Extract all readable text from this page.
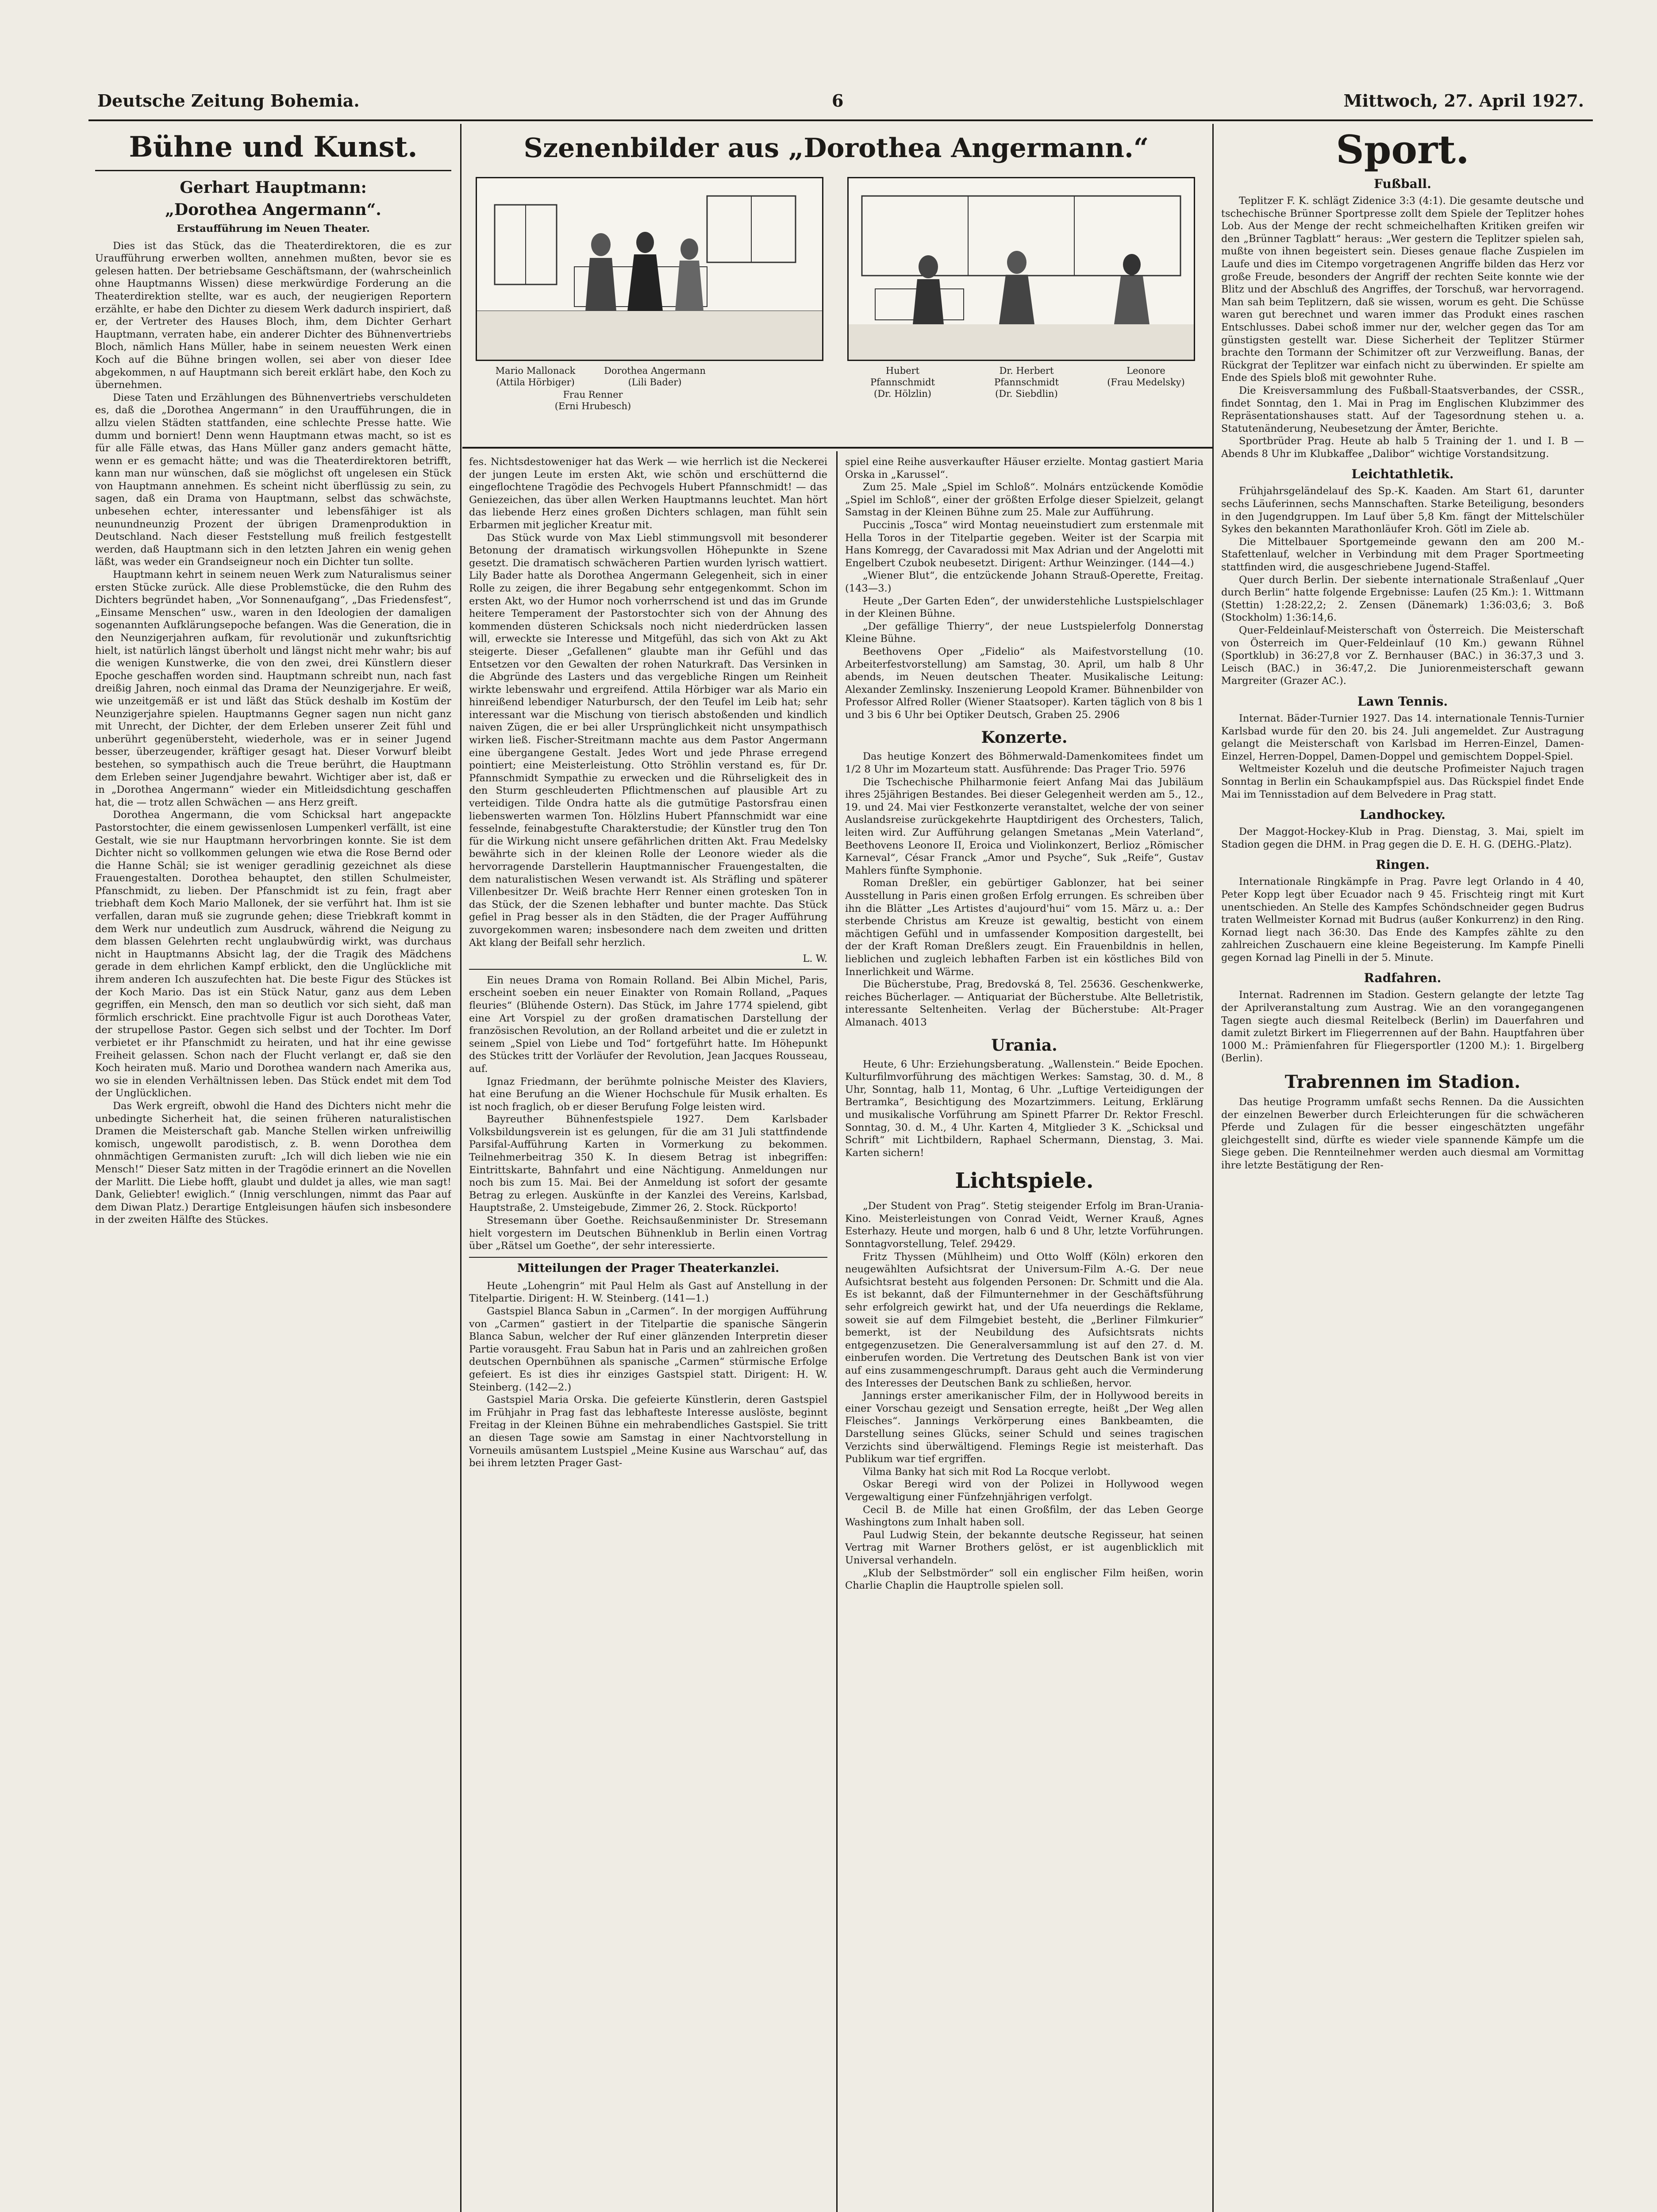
Deutsche Zeitung Bohemia.	6	Mittwoch, 27. April 1927.
Bühne und Kunst.
Gerhart Hauptmann:
„Dorothea Angermann“.
Erstaufführung im Neuen Theater.

Dies ist das Stück, das die Theaterdirektoren, die es zur Uraufführung erwerben wollten, annehmen mußten, bevor sie es gelesen hatten. Der betriebsame Geschäftsmann, der (wahrscheinlich ohne Hauptmanns Wissen) diese merkwürdige Forderung an die Theaterdirektion stellte, war es auch, der neugierigen Reportern erzählte, er habe den Dichter zu diesem Werk dadurch inspiriert, daß er, der Vertreter des Hauses Bloch, ihm, dem Dichter Gerhart Hauptmann, verraten habe, ein anderer Dichter des Bühnenvertriebs Bloch, nämlich Hans Müller, habe in seinem neuesten Werk einen Koch auf die Bühne bringen wollen, sei aber von dieser Idee abgekommen, n auf Hauptmann sich bereit erklärt habe, den Koch zu übernehmen.

Diese Taten und Erzählungen des Bühnenvertriebs verschuldeten es, daß die „Dorothea Angermann“ in den Uraufführungen, die in allzu vielen Städten stattfanden, eine schlechte Presse hatte. Wie dumm und borniert! Denn wenn Hauptmann etwas macht, so ist es für alle Fälle etwas, das Hans Müller ganz anders gemacht hätte, wenn er es gemacht hätte; und was die Theaterdirektoren betrifft, kann man nur wünschen, daß sie möglichst oft ungelesen ein Stück von Hauptmann annehmen. Es scheint nicht überflüssig zu sein, zu sagen, daß ein Drama von Hauptmann, selbst das schwächste, unbesehen echter, interessanter und lebensfähiger ist als neunundneunzig Prozent der übrigen Dramenproduktion in Deutschland. Nach dieser Feststellung muß freilich festgestellt werden, daß Hauptmann sich in den letzten Jahren ein wenig gehen läßt, was weder ein Grandseigneur noch ein Dichter tun sollte.

Hauptmann kehrt in seinem neuen Werk zum Naturalismus seiner ersten Stücke zurück. Alle diese Problemstücke, die den Ruhm des Dichters begründet haben, „Vor Sonnenaufgang“, „Das Friedensfest“, „Einsame Menschen“ usw., waren in den Ideologien der damaligen sogenannten Aufklärungsepoche befangen. Was die Generation, die in den Neunzigerjahren aufkam, für revolutionär und zukunftsrichtig hielt, ist natürlich längst überholt und längst nicht mehr wahr; bis auf die wenigen Kunstwerke, die von den zwei, drei Künstlern dieser Epoche geschaffen worden sind. Hauptmann schreibt nun, nach fast dreißig Jahren, noch einmal das Drama der Neunzigerjahre. Er weiß, wie unzeitgemäß er ist und läßt das Stück deshalb im Kostüm der Neunzigerjahre spielen. Hauptmanns Gegner sagen nun nicht ganz mit Unrecht, der Dichter, der dem Erleben unserer Zeit fühl und unberührt gegenübersteht, wiederhole, was er in seiner Jugend besser, überzeugender, kräftiger gesagt hat. Dieser Vorwurf bleibt bestehen, so sympathisch auch die Treue berührt, die Hauptmann dem Erleben seiner Jugendjahre bewahrt. Wichtiger aber ist, daß er in „Dorothea Angermann“ wieder ein Mitleidsdichtung geschaffen hat, die — trotz allen Schwächen — ans Herz greift.

Dorothea Angermann, die vom Schicksal hart angepackte Pastorstochter, die einem gewissenlosen Lumpenkerl verfällt, ist eine Gestalt, wie sie nur Hauptmann hervorbringen konnte. Sie ist dem Dichter nicht so vollkommen gelungen wie etwa die Rose Bernd oder die Hanne Schäl; sie ist weniger geradlinig gezeichnet als diese Frauengestalten. Dorothea behauptet, den stillen Schulmeister, Pfanschmidt, zu lieben. Der Pfanschmidt ist zu fein, fragt aber triebhaft dem Koch Mario Mallonek, der sie verführt hat. Ihm ist sie verfallen, daran muß sie zugrunde gehen; diese Triebkraft kommt in dem Werk nur undeutlich zum Ausdruck, während die Neigung zu dem blassen Gelehrten recht unglaubwürdig wirkt, was durchaus nicht in Hauptmanns Absicht lag, der die Tragik des Mädchens gerade in dem ehrlichen Kampf erblickt, den die Unglückliche mit ihrem anderen Ich auszufechten hat. Die beste Figur des Stückes ist der Koch Mario. Das ist ein Stück Natur, ganz aus dem Leben gegriffen, ein Mensch, den man so deutlich vor sich sieht, daß man förmlich erschrickt. Eine prachtvolle Figur ist auch Dorotheas Vater, der strupellose Pastor. Gegen sich selbst und der Tochter. Im Dorf verbietet er ihr Pfanschmidt zu heiraten, und hat ihr eine gewisse Freiheit gelassen. Schon nach der Flucht verlangt er, daß sie den Koch heiraten muß. Mario und Dorothea wandern nach Amerika aus, wo sie in elenden Verhältnissen leben. Das Stück endet mit dem Tod der Unglücklichen.

Das Werk ergreift, obwohl die Hand des Dichters nicht mehr die unbedingte Sicherheit hat, die seinen früheren naturalistischen Dramen die Meisterschaft gab. Manche Stellen wirken unfreiwillig komisch, ungewollt parodistisch, z. B. wenn Dorothea dem ohnmächtigen Germanisten zuruft: „Ich will dich lieben wie nie ein Mensch!“ Dieser Satz mitten in der Tragödie erinnert an die Novellen der Marlitt. Die Liebe hofft, glaubt und duldet ja alles, wie man sagt! Dank, Geliebter! ewiglich.“ (Innig verschlungen, nimmt das Paar auf dem Diwan Platz.) Derartige Entgleisungen häufen sich insbesondere in der zweiten Hälfte des Stückes.

Szenenbilder aus „Dorothea Angermann.“
Mario Mallonack
(Attila Hörbiger)
Dorothea Angermann
(Lili Bader)
Frau Renner
(Erni Hrubesch)
Hubert
Pfannschmidt
(Dr. Hölzlin)
Dr. Herbert
Pfannschmidt
(Dr. Siebdlin)
Leonore
(Frau Medelsky)

fes. Nichtsdestoweniger hat das Werk — wie herrlich ist die Neckerei der jungen Leute im ersten Akt, wie schön und erschütternd die eingeflochtene Tragödie des Pechvogels Hubert Pfannschmidt! — das Geniezeichen, das über allen Werken Hauptmanns leuchtet. Man hört das liebende Herz eines großen Dichters schlagen, man fühlt sein Erbarmen mit jeglicher Kreatur mit.

Das Stück wurde von Max Liebl stimmungsvoll mit besonderer Betonung der dramatisch wirkungsvollen Höhepunkte in Szene gesetzt. Die dramatisch schwächeren Partien wurden lyrisch wattiert. Lily Bader hatte als Dorothea Angermann Gelegenheit, sich in einer Rolle zu zeigen, die ihrer Begabung sehr entgegenkommt. Schon im ersten Akt, wo der Humor noch vorherrschend ist und das im Grunde heitere Temperament der Pastorstochter sich von der Ahnung des kommenden düsteren Schicksals noch nicht niederdrücken lassen will, erweckte sie Interesse und Mitgefühl, das sich von Akt zu Akt steigerte. Dieser „Gefallenen“ glaubte man ihr Gefühl und das Entsetzen vor den Gewalten der rohen Naturkraft. Das Versinken in die Abgründe des Lasters und das vergebliche Ringen um Reinheit wirkte lebenswahr und ergreifend. Attila Hörbiger war als Mario ein hinreißend lebendiger Naturbursch, der den Teufel im Leib hat; sehr interessant war die Mischung von tierisch abstoßenden und kindlich naiven Zügen, die er bei aller Ursprünglichkeit nicht unsympathisch wirken ließ. Fischer-Streitmann machte aus dem Pastor Angermann eine übergangene Gestalt. Jedes Wort und jede Phrase erregend pointiert; eine Meisterleistung. Otto Ströhlin verstand es, für Dr. Pfannschmidt Sympathie zu erwecken und die Rührseligkeit des in den Sturm geschleuderten Pflichtmenschen auf plausible Art zu verteidigen. Tilde Ondra hatte als die gutmütige Pastorsfrau einen liebenswerten warmen Ton. Hölzlins Hubert Pfannschmidt war eine fesselnde, feinabgestufte Charakterstudie; der Künstler trug den Ton für die Wirkung nicht unsere gefährlichen dritten Akt. Frau Medelsky bewährte sich in der kleinen Rolle der Leonore wieder als die hervorragende Darstellerin Hauptmannischer Frauengestalten, die dem naturalistischen Wesen verwandt ist. Als Sträfling und späterer Villenbesitzer Dr. Weiß brachte Herr Renner einen grotesken Ton in das Stück, der die Szenen lebhafter und bunter machte. Das Stück gefiel in Prag besser als in den Städten, die der Prager Aufführung zuvorgekommen waren; insbesondere nach dem zweiten und dritten Akt klang der Beifall sehr herzlich.

L. W.

Ein neues Drama von Romain Rolland. Bei Albin Michel, Paris, erscheint soeben ein neuer Einakter von Romain Rolland, „Paques fleuries“ (Blühende Ostern). Das Stück, im Jahre 1774 spielend, gibt eine Art Vorspiel zu der großen dramatischen Darstellung der französischen Revolution, an der Rolland arbeitet und die er zuletzt in seinem „Spiel von Liebe und Tod“ fortgeführt hatte. Im Höhepunkt des Stückes tritt der Vorläufer der Revolution, Jean Jacques Rousseau, auf.

Ignaz Friedmann, der berühmte polnische Meister des Klaviers, hat eine Berufung an die Wiener Hochschule für Musik erhalten. Es ist noch fraglich, ob er dieser Berufung Folge leisten wird.

Bayreuther Bühnenfestspiele 1927. Dem Karlsbader Volksbildungsverein ist es gelungen, für die am 31 Juli stattfindende Parsifal-Aufführung Karten in Vormerkung zu bekommen. Teilnehmerbeitrag 350 K. In diesem Betrag ist inbegriffen: Eintrittskarte, Bahnfahrt und eine Nächtigung. Anmeldungen nur noch bis zum 15. Mai. Bei der Anmeldung ist sofort der gesamte Betrag zu erlegen. Auskünfte in der Kanzlei des Vereins, Karlsbad, Hauptstraße, 2. Umsteigebude, Zimmer 26, 2. Stock. Rückporto!

Stresemann über Goethe. Reichsaußenminister Dr. Stresemann hielt vorgestern im Deutschen Bühnenklub in Berlin einen Vortrag über „Rätsel um Goethe“, der sehr interessierte.

Mitteilungen der Prager Theaterkanzlei.

Heute „Lohengrin“ mit Paul Helm als Gast auf Anstellung in der Titelpartie. Dirigent: H. W. Steinberg. (141—1.)

Gastspiel Blanca Sabun in „Carmen“. In der morgigen Aufführung von „Carmen“ gastiert in der Titelpartie die spanische Sängerin Blanca Sabun, welcher der Ruf einer glänzenden Interpretin dieser Partie vorausgeht. Frau Sabun hat in Paris und an zahlreichen großen deutschen Opernbühnen als spanische „Carmen“ stürmische Erfolge gefeiert. Es ist dies ihr einziges Gastspiel statt. Dirigent: H. W. Steinberg. (142—2.)

Gastspiel Maria Orska. Die gefeierte Künstlerin, deren Gastspiel im Frühjahr in Prag fast das lebhafteste Interesse auslöste, beginnt Freitag in der Kleinen Bühne ein mehrabendliches Gastspiel. Sie tritt an diesen Tage sowie am Samstag in einer Nachtvorstellung in Vorneuils amüsantem Lustspiel „Meine Kusine aus Warschau“ auf, das bei ihrem letzten Prager Gast-

spiel eine Reihe ausverkaufter Häuser erzielte. Montag gastiert Maria Orska in „Karussel“.

Zum 25. Male „Spiel im Schloß“. Molnárs entzückende Komödie „Spiel im Schloß“, einer der größten Erfolge dieser Spielzeit, gelangt Samstag in der Kleinen Bühne zum 25. Male zur Aufführung.

Puccinis „Tosca“ wird Montag neueinstudiert zum erstenmale mit Hella Toros in der Titelpartie gegeben. Weiter ist der Scarpia mit Hans Komregg, der Cavaradossi mit Max Adrian und der Angelotti mit Engelbert Czubok neubesetzt. Dirigent: Arthur Weinzinger. (144—4.)

„Wiener Blut“, die entzückende Johann Strauß-Operette, Freitag. (143—3.)

Heute „Der Garten Eden“, der unwiderstehliche Lustspielschlager in der Kleinen Bühne.

„Der gefällige Thierry“, der neue Lustspielerfolg Donnerstag Kleine Bühne.

Beethovens Oper „Fidelio“ als Maifestvorstellung (10. Arbeiterfestvorstellung) am Samstag, 30. April, um halb 8 Uhr abends, im Neuen deutschen Theater. Musikalische Leitung: Alexander Zemlinsky. Inszenierung Leopold Kramer. Bühnenbilder von Professor Alfred Roller (Wiener Staatsoper). Karten täglich von 8 bis 1 und 3 bis 6 Uhr bei Optiker Deutsch, Graben 25. 2906

Konzerte.

Das heutige Konzert des Böhmerwald-Damenkomitees findet um 1/2 8 Uhr im Mozarteum statt. Ausführende: Das Prager Trio. 5976

Die Tschechische Philharmonie feiert Anfang Mai das Jubiläum ihres 25jährigen Bestandes. Bei dieser Gelegenheit werden am 5., 12., 19. und 24. Mai vier Festkonzerte veranstaltet, welche der von seiner Auslandsreise zurückgekehrte Hauptdirigent des Orchesters, Talich, leiten wird. Zur Aufführung gelangen Smetanas „Mein Vaterland“, Beethovens Leonore II, Eroica und Violinkonzert, Berlioz „Römischer Karneval“, César Franck „Amor und Psyche“, Suk „Reife“, Gustav Mahlers fünfte Symphonie.

Roman Dreßler, ein gebürtiger Gablonzer, hat bei seiner Ausstellung in Paris einen großen Erfolg errungen. Es schreiben über ihn die Blätter „Les Artistes d'aujourd'hui“ vom 15. März u. a.: Der sterbende Christus am Kreuze ist gewaltig, besticht von einem mächtigen Gefühl und in umfassender Komposition dargestellt, bei der der Kraft Roman Dreßlers zeugt. Ein Frauenbildnis in hellen, lieblichen und zugleich lebhaften Farben ist ein köstliches Bild von Innerlichkeit und Wärme.

Die Bücherstube, Prag, Bredovská 8, Tel. 25636. Geschenkwerke, reiches Bücherlager. — Antiquariat der Bücherstube. Alte Belletristik, interessante Seltenheiten. Verlag der Bücherstube: Alt-Prager Almanach. 4013

Urania.

Heute, 6 Uhr: Erziehungsberatung. „Wallenstein.“ Beide Epochen. Kulturfilmvorführung des mächtigen Werkes: Samstag, 30. d. M., 8 Uhr, Sonntag, halb 11, Montag, 6 Uhr. „Luftige Verteidigungen der Bertramka“, Besichtigung des Mozartzimmers. Leitung, Erklärung und musikalische Vorführung am Spinett Pfarrer Dr. Rektor Freschl. Sonntag, 30. d. M., 4 Uhr. Karten 4, Mitglieder 3 K. „Schicksal und Schrift“ mit Lichtbildern, Raphael Schermann, Dienstag, 3. Mai. Karten sichern!

Lichtspiele.

„Der Student von Prag“. Stetig steigender Erfolg im Bran-Urania-Kino. Meisterleistungen von Conrad Veidt, Werner Krauß, Agnes Esterhazy. Heute und morgen, halb 6 und 8 Uhr, letzte Vorführungen. Sonntagvorstellung, Telef. 29429.

Fritz Thyssen (Mühlheim) und Otto Wolff (Köln) erkoren den neugewählten Aufsichtsrat der Universum-Film A.-G. Der neue Aufsichtsrat besteht aus folgenden Personen: Dr. Schmitt und die Ala. Es ist bekannt, daß der Filmunternehmer in der Geschäftsführung sehr erfolgreich gewirkt hat, und der Ufa neuerdings die Reklame, soweit sie auf dem Filmgebiet besteht, die „Berliner Filmkurier“ bemerkt, ist der Neubildung des Aufsichtsrats nichts entgegenzusetzen. Die Generalversammlung ist auf den 27. d. M. einberufen worden. Die Vertretung des Deutschen Bank ist von vier auf eins zusammengeschrumpft. Daraus geht auch die Verminderung des Interesses der Deutschen Bank zu schließen, hervor.

Jannings erster amerikanischer Film, der in Hollywood bereits in einer Vorschau gezeigt und Sensation erregte, heißt „Der Weg allen Fleisches“. Jannings Verkörperung eines Bankbeamten, die Darstellung seines Glücks, seiner Schuld und seines tragischen Verzichts sind überwältigend. Flemings Regie ist meisterhaft. Das Publikum war tief ergriffen.

Vilma Banky hat sich mit Rod La Rocque verlobt.

Oskar Beregi wird von der Polizei in Hollywood wegen Vergewaltigung einer Fünfzehnjährigen verfolgt.

Cecil B. de Mille hat einen Großfilm, der das Leben George Washingtons zum Inhalt haben soll.

Paul Ludwig Stein, der bekannte deutsche Regisseur, hat seinen Vertrag mit Warner Brothers gelöst, er ist augenblicklich mit Universal verhandeln.

„Klub der Selbstmörder“ soll ein englischer Film heißen, worin Charlie Chaplin die Hauptrolle spielen soll.

Sport.
Fußball.

Teplitzer F. K. schlägt Zidenice 3:3 (4:1). Die gesamte deutsche und tschechische Brünner Sportpresse zollt dem Spiele der Teplitzer hohes Lob. Aus der Menge der recht schmeichelhaften Kritiken greifen wir den „Brünner Tagblatt“ heraus: „Wer gestern die Teplitzer spielen sah, mußte von ihnen begeistert sein. Dieses genaue flache Zuspielen im Laufe und dies im Citempo vorgetragenen Angriffe bilden das Herz vor große Freude, besonders der Angriff der rechten Seite konnte wie der Blitz und der Abschluß des Angriffes, der Torschuß, war hervorragend. Man sah beim Teplitzern, daß sie wissen, worum es geht. Die Schüsse waren gut berechnet und waren immer das Produkt eines raschen Entschlusses. Dabei schoß immer nur der, welcher gegen das Tor am günstigsten gestellt war. Diese Sicherheit der Teplitzer Stürmer brachte den Tormann der Schimitzer oft zur Verzweiflung. Banas, der Rückgrat der Teplitzer war einfach nicht zu überwinden. Er spielte am Ende des Spiels bloß mit gewohnter Ruhe.

Die Kreisversammlung des Fußball-Staatsverbandes, der CSSR., findet Sonntag, den 1. Mai in Prag im Englischen Klubzimmer des Repräsentationshauses statt. Auf der Tagesordnung stehen u. a. Statutenänderung, Neubesetzung der Ämter, Berichte.

Sportbrüder Prag. Heute ab halb 5 Training der 1. und I. B — Abends 8 Uhr im Klubkaffee „Dalibor“ wichtige Vorstandsitzung.

Leichtathletik.

Frühjahrsgeländelauf des Sp.-K. Kaaden. Am Start 61, darunter sechs Läuferinnen, sechs Mannschaften. Starke Beteiligung, besonders in den Jugendgruppen. Im Lauf über 5,8 Km. fängt der Mittelschüler Sykes den bekannten Marathonläufer Kroh. Götl im Ziele ab.

Die Mittelbauer Sportgemeinde gewann den am 200 M.-Stafettenlauf, welcher in Verbindung mit dem Prager Sportmeeting stattfinden wird, die ausgeschriebene Jugend-Staffel.

Quer durch Berlin. Der siebente internationale Straßenlauf „Quer durch Berlin“ hatte folgende Ergebnisse: Laufen (25 Km.): 1. Wittmann (Stettin) 1:28:22,2; 2. Zensen (Dänemark) 1:36:03,6; 3. Boß (Stockholm) 1:36:14,6.

Quer-Feldeinlauf-Meisterschaft von Österreich. Die Meisterschaft von Österreich im Quer-Feldeinlauf (10 Km.) gewann Rühnel (Sportklub) in 36:27,8 vor Z. Bernhauser (BAC.) in 36:37,3 und 3. Leisch (BAC.) in 36:47,2. Die Juniorenmeisterschaft gewann Margreiter (Grazer AC.).

Lawn Tennis.

Internat. Bäder-Turnier 1927. Das 14. internationale Tennis-Turnier Karlsbad wurde für den 20. bis 24. Juli angemeldet. Zur Austragung gelangt die Meisterschaft von Karlsbad im Herren-Einzel, Damen-Einzel, Herren-Doppel, Damen-Doppel und gemischtem Doppel-Spiel.

Weltmeister Kozeluh und die deutsche Profimeister Najuch tragen Sonntag in Berlin ein Schaukampfspiel aus. Das Rückspiel findet Ende Mai im Tennisstadion auf dem Belvedere in Prag statt.

Landhockey.

Der Maggot-Hockey-Klub in Prag. Dienstag, 3. Mai, spielt im Stadion gegen die DHM. in Prag gegen die D. E. H. G. (DEHG.-Platz).

Ringen.

Internationale Ringkämpfe in Prag. Pavre legt Orlando in 4 40, Peter Kopp legt über Ecuador nach 9 45. Frischteig ringt mit Kurt unentschieden. An Stelle des Kampfes Schöndschneider gegen Budrus traten Wellmeister Kornad mit Budrus (außer Konkurrenz) in den Ring. Kornad liegt nach 36:30. Das Ende des Kampfes zählte zu den zahlreichen Zuschauern eine kleine Begeisterung. Im Kampfe Pinelli gegen Kornad lag Pinelli in der 5. Minute.

Radfahren.

Internat. Radrennen im Stadion. Gestern gelangte der letzte Tag der Aprilveranstaltung zum Austrag. Wie an den vorangegangenen Tagen siegte auch diesmal Reitelbeck (Berlin) im Dauerfahren und damit zuletzt Birkert im Fliegerrennen auf der Bahn. Hauptfahren über 1000 M.: Prämienfahren für Fliegersportler (1200 M.): 1. Birgelberg (Berlin).

Trabrennen im Stadion.

Das heutige Programm umfaßt sechs Rennen. Da die Aussichten der einzelnen Bewerber durch Erleichterungen für die schwächeren Pferde und Zulagen für die besser eingeschätzten ungefähr gleichgestellt sind, dürfte es wieder viele spannende Kämpfe um die Siege geben. Die Rennteilnehmer werden auch diesmal am Vormittag ihre letzte Bestätigung der Ren-
